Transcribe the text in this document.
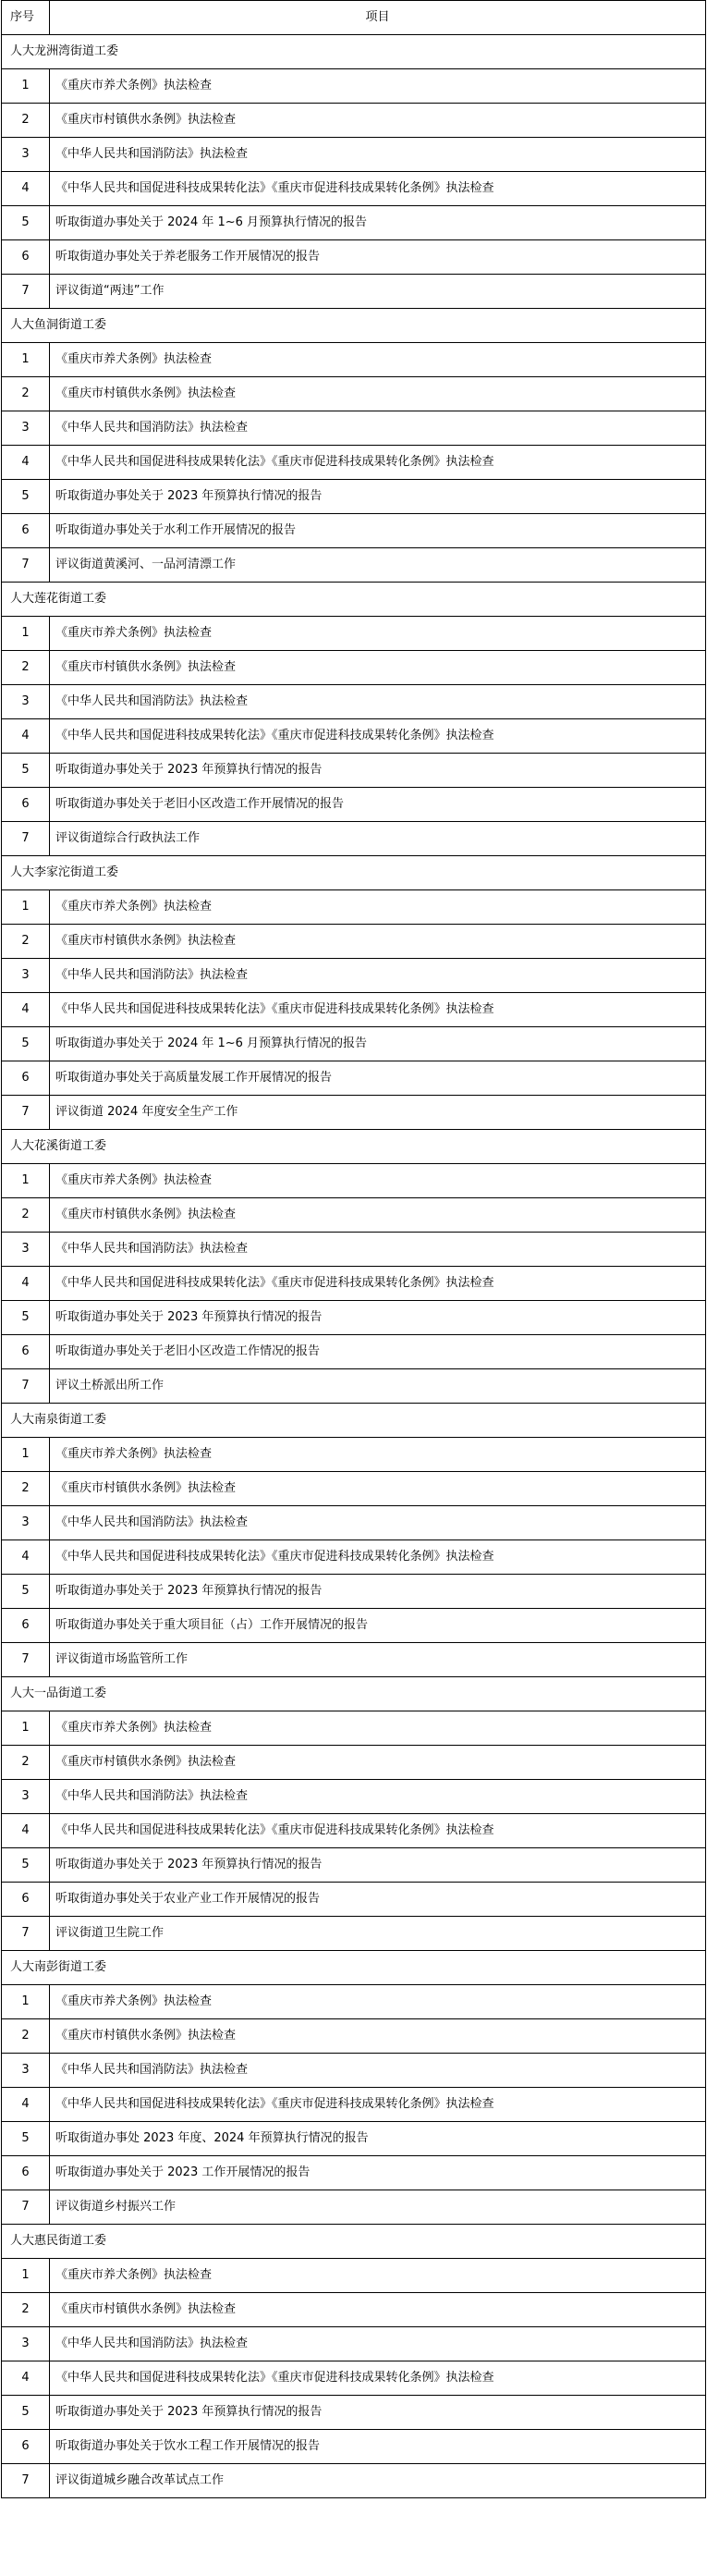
序号	项目
人大龙洲湾街道工委	
1	《重庆市养犬条例》执法检查
2	《重庆市村镇供水条例》执法检查
3	《中华人民共和国消防法》执法检查
4	《中华人民共和国促进科技成果转化法》《重庆市促进科技成果转化条例》执法检查
5	听取街道办事处关于 2024 年 1~6 月预算执行情况的报告
6	听取街道办事处关于养老服务工作开展情况的报告
7	评议街道“两违”工作
人大鱼洞街道工委	
1	《重庆市养犬条例》执法检查
2	《重庆市村镇供水条例》执法检查
3	《中华人民共和国消防法》执法检查
4	《中华人民共和国促进科技成果转化法》《重庆市促进科技成果转化条例》执法检查
5	听取街道办事处关于 2023 年预算执行情况的报告
6	听取街道办事处关于水利工作开展情况的报告
7	评议街道黄溪河、一品河清漂工作
人大莲花街道工委	
1	《重庆市养犬条例》执法检查
2	《重庆市村镇供水条例》执法检查
3	《中华人民共和国消防法》执法检查
4	《中华人民共和国促进科技成果转化法》《重庆市促进科技成果转化条例》执法检查
5	听取街道办事处关于 2023 年预算执行情况的报告
6	听取街道办事处关于老旧小区改造工作开展情况的报告
7	评议街道综合行政执法工作
人大李家沱街道工委	
1	《重庆市养犬条例》执法检查
2	《重庆市村镇供水条例》执法检查
3	《中华人民共和国消防法》执法检查
4	《中华人民共和国促进科技成果转化法》《重庆市促进科技成果转化条例》执法检查
5	听取街道办事处关于 2024 年 1~6 月预算执行情况的报告
6	听取街道办事处关于高质量发展工作开展情况的报告
7	评议街道 2024 年度安全生产工作
人大花溪街道工委	
1	《重庆市养犬条例》执法检查
2	《重庆市村镇供水条例》执法检查
3	《中华人民共和国消防法》执法检查
4	《中华人民共和国促进科技成果转化法》《重庆市促进科技成果转化条例》执法检查
5	听取街道办事处关于 2023 年预算执行情况的报告
6	听取街道办事处关于老旧小区改造工作情况的报告
7	评议土桥派出所工作
人大南泉街道工委	
1	《重庆市养犬条例》执法检查
2	《重庆市村镇供水条例》执法检查
3	《中华人民共和国消防法》执法检查
4	《中华人民共和国促进科技成果转化法》《重庆市促进科技成果转化条例》执法检查
5	听取街道办事处关于 2023 年预算执行情况的报告
6	听取街道办事处关于重大项目征（占）工作开展情况的报告
7	评议街道市场监管所工作
人大一品街道工委	
1	《重庆市养犬条例》执法检查
2	《重庆市村镇供水条例》执法检查
3	《中华人民共和国消防法》执法检查
4	《中华人民共和国促进科技成果转化法》《重庆市促进科技成果转化条例》执法检查
5	听取街道办事处关于 2023 年预算执行情况的报告
6	听取街道办事处关于农业产业工作开展情况的报告
7	评议街道卫生院工作
人大南彭街道工委	
1	《重庆市养犬条例》执法检查
2	《重庆市村镇供水条例》执法检查
3	《中华人民共和国消防法》执法检查
4	《中华人民共和国促进科技成果转化法》《重庆市促进科技成果转化条例》执法检查
5	听取街道办事处 2023 年度、2024 年预算执行情况的报告
6	听取街道办事处关于 2023 工作开展情况的报告
7	评议街道乡村振兴工作
人大惠民街道工委	
1	《重庆市养犬条例》执法检查
2	《重庆市村镇供水条例》执法检查
3	《中华人民共和国消防法》执法检查
4	《中华人民共和国促进科技成果转化法》《重庆市促进科技成果转化条例》执法检查
5	听取街道办事处关于 2023 年预算执行情况的报告
6	听取街道办事处关于饮水工程工作开展情况的报告
7	评议街道城乡融合改革试点工作
